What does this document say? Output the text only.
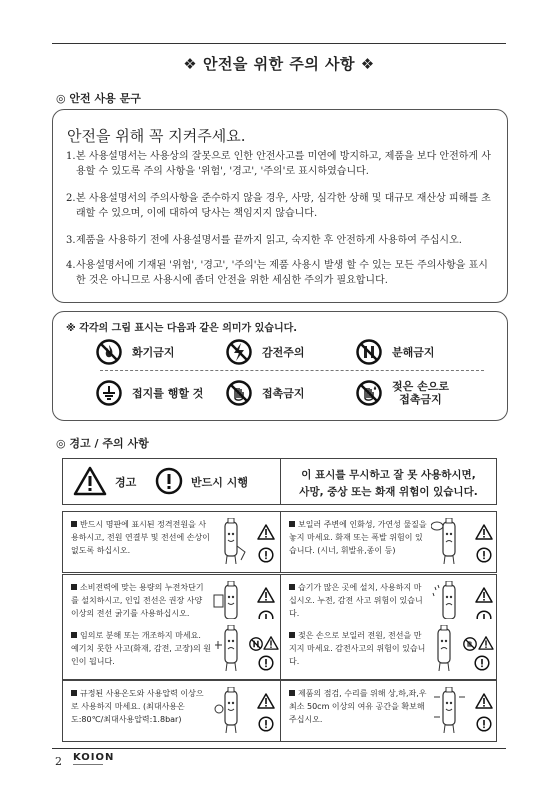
❖ 안전을 위한 주의 사항 ❖
◎ 안전 사용 문구
안전을 위해 꼭 지켜주세요.
1. 본 사용설명서는 사용상의 잘못으로 인한 안전사고를 미연에 방지하고, 제품을 보다 안전하게 사용할 수 있도록 주의 사항을 '위험', '경고', '주의'로 표시하였습니다.
2. 본 사용설명서의 주의사항을 준수하지 않을 경우, 사망, 심각한 상해 및 대규모 재산상 피해를 초래할 수 있으며, 이에 대하여 당사는 책임지지 않습니다.
3. 제품을 사용하기 전에 사용설명서를 끝까지 읽고, 숙지한 후 안전하게 사용하여 주십시오.
4. 사용설명서에 기재된 '위험', '경고', '주의'는 제품 사용시 발생 할 수 있는 모든 주의사항을 표시한 것은 아니므로 사용시에 좀더 안전을 위한 세심한 주의가 필요합니다.
※ 각각의 그림 표시는 다음과 같은 의미가 있습니다.
화기금지	감전주의	분해금지
접지를 행할 것	접촉금지	젖은 손으로
접촉금지
◎ 경고 / 주의 사항
경고	반드시 시행
이 표시를 무시하고 잘 못 사용하시면,
사망, 중상 또는 화재 위험이 있습니다.
반드시 명판에 표시된 정격전원을 사용하시고, 전원 연결부 및 전선에 손상이 없도록 하십시오.
보일러 주변에 인화성, 가연성 물질을 놓지 마세요. 화재 또는 폭발 위험이 있습니다. (시너, 휘발유,종이 등)
소비전력에 맞는 용량의 누전차단기를 설치하시고, 인입 전선은 권장 사양 이상의 전선 굵기를 사용하십시오.
습기가 많은 곳에 설치, 사용하지 마십시오. 누전, 감전 사고 위험이 있습니다.
임의로 분해 또는 개조하지 마세요. 예기치 못한 사고(화재, 감전, 고장)의 원인이 됩니다.
젖은 손으로 보일러 전원, 전선을 만지지 마세요. 감전사고의 위험이 있습니다.
규정된 사용온도와 사용압력 이상으로 사용하지 마세요. (최대사용온도:80℃/최대사용압력:1.8bar)
제품의 점검, 수리를 위해 상,하,좌,우 최소 50cm 이상의 여유 공간을 확보해 주십시오.
2 KOION
